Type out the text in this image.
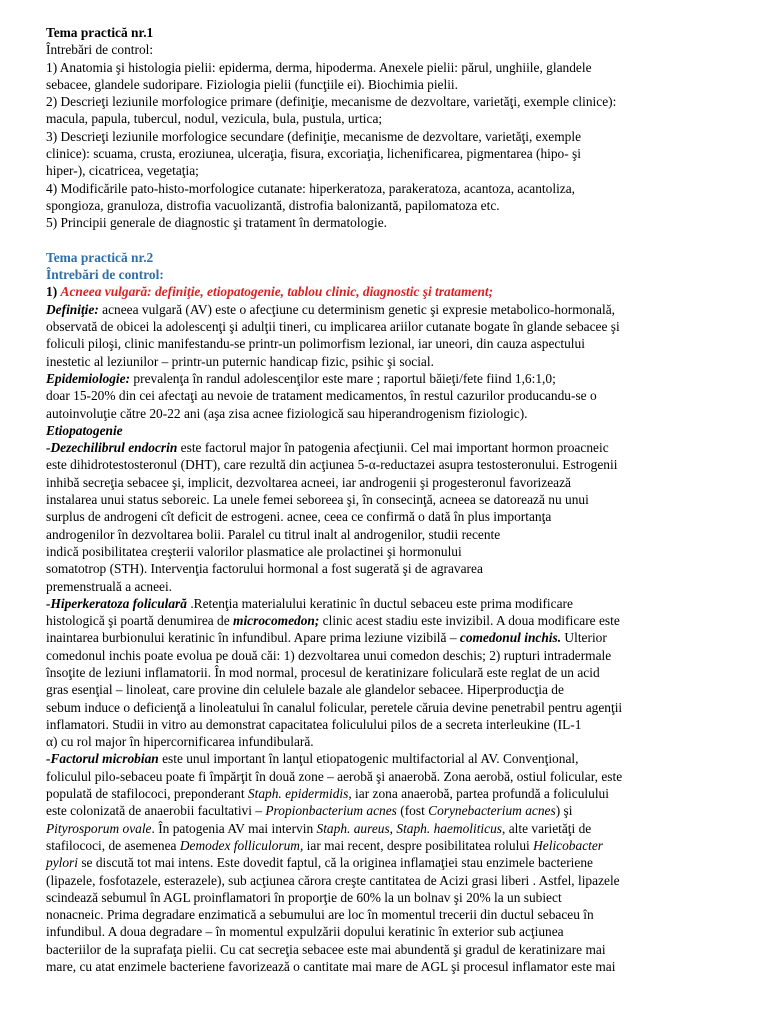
Tema practică nr.1
Întrebări de control:
1) Anatomia şi histologia pielii: epiderma, derma, hipoderma. Anexele pielii: părul, unghiile, glandele
sebacee, glandele sudoripare. Fiziologia pielii (funcţiile ei). Biochimia pielii.
2) Descrieţi leziunile morfologice primare (definiţie, mecanisme de dezvoltare, varietăţi, exemple clinice):
macula, papula, tubercul, nodul, vezicula, bula, pustula, urtica;
3) Descrieţi leziunile morfologice secundare (definiţie, mecanisme de dezvoltare, varietăţi, exemple
clinice): scuama, crusta, eroziunea, ulceraţia, fisura, excoriaţia, lichenificarea, pigmentarea (hipo- şi
hiper-), cicatricea, vegetaţia;
4) Modificările pato-histo-morfologice cutanate: hiperkeratoza, parakeratoza, acantoza, acantoliza,
spongioza, granuloza, distrofia vacuolizantă, distrofia balonizantă, papilomatoza etc.
5) Principii generale de diagnostic şi tratament în dermatologie.
Tema practică nr.2
Întrebări de control:
1) Acneea vulgară: definiţie, etiopatogenie, tablou clinic, diagnostic şi tratament;
Definiţie: acneea vulgară (AV) este o afecţiune cu determinism genetic şi expresie metabolico-hormonală,
observată de obicei la adolescenţi şi adulţii tineri, cu implicarea ariilor cutanate bogate în glande sebacee şi
foliculi piloşi, clinic manifestandu-se printr-un polimorfism lezional, iar uneori, din cauza aspectului
inestetic al leziunilor – printr-un puternic handicap fizic, psihic şi social.
Epidemiologie: prevalenţa în randul adolescenţilor este mare ; raportul băieţi/fete fiind 1,6:1,0;
doar 15-20% din cei afectaţi au nevoie de tratament medicamentos, în restul cazurilor producandu-se o
autoinvoluţie către 20-22 ani (aşa zisa acnee fiziologică sau hiperandrogenism fiziologic).
Etiopatogenie
-Dezechilibrul endocrin este factorul major în patogenia afecţiunii. Cel mai important hormon proacneic
este dihidrotestosteronul (DHT), care rezultă din acţiunea 5-α-reductazei asupra testosteronului. Estrogenii
inhibă secreţia sebacee şi, implicit, dezvoltarea acneei, iar androgenii şi progesteronul favorizează
instalarea unui status seboreic. La unele femei seboreea şi, în consecinţă, acneea se datorează nu unui
surplus de androgeni cît deficit de estrogeni. acnee, ceea ce confirmă o dată în plus importanţa
androgenilor în dezvoltarea bolii. Paralel cu titrul inalt al androgenilor, studii recente
indică posibilitatea creşterii valorilor plasmatice ale prolactinei şi hormonului
somatotrop (STH). Intervenţia factorului hormonal a fost sugerată şi de agravarea
premenstruală a acneei.
-Hiperkeratoza foliculară .Retenţia materialului keratinic în ductul sebaceu este prima modificare
histologică şi poartă denumirea de microcomedon; clinic acest stadiu este invizibil. A doua modificare este
inaintarea burbionului keratinic în infundibul. Apare prima leziune vizibilă – comedonul inchis. Ulterior
comedonul inchis poate evolua pe două căi: 1) dezvoltarea unui comedon deschis; 2) rupturi intradermale
însoţite de leziuni inflamatorii. În mod normal, procesul de keratinizare foliculară este reglat de un acid
gras esenţial – linoleat, care provine din celulele bazale ale glandelor sebacee. Hiperproducţia de
sebum induce o deficienţă a linoleatului în canalul folicular, peretele căruia devine penetrabil pentru agenţii
inflamatori. Studii in vitro au demonstrat capacitatea foliculului pilos de a secreta interleukine (IL-1
α) cu rol major în hipercornificarea infundibulară.
-Factorul microbian este unul important în lanţul etiopatogenic multifactorial al AV. Convenţional,
foliculul pilo-sebaceu poate fi împărţit în două zone – aerobă şi anaerobă. Zona aerobă, ostiul folicular, este
populată de stafilococi, preponderant Staph. epidermidis, iar zona anaerobă, partea profundă a foliculului
este colonizată de anaerobii facultativi – Propionbacterium acnes (fost Corynebacterium acnes) şi
Pityrosporum ovale. În patogenia AV mai intervin Staph. aureus, Staph. haemoliticus, alte varietăţi de
stafilococi, de asemenea Demodex folliculorum, iar mai recent, despre posibilitatea rolului Helicobacter
pylori se discută tot mai intens. Este dovedit faptul, că la originea inflamaţiei stau enzimele bacteriene
(lipazele, fosfotazele, esterazele), sub acţiunea cărora creşte cantitatea de Acizi grasi liberi . Astfel, lipazele
scindează sebumul în AGL proinflamatori în proporţie de 60% la un bolnav şi 20% la un subiect
nonacneic. Prima degradare enzimatică a sebumului are loc în momentul trecerii din ductul sebaceu în
infundibul. A doua degradare – în momentul expulzării dopului keratinic în exterior sub acţiunea
bacteriilor de la suprafaţa pielii. Cu cat secreţia sebacee este mai abundentă şi gradul de keratinizare mai
mare, cu atat enzimele bacteriene favorizează o cantitate mai mare de AGL şi procesul inflamator este mai
